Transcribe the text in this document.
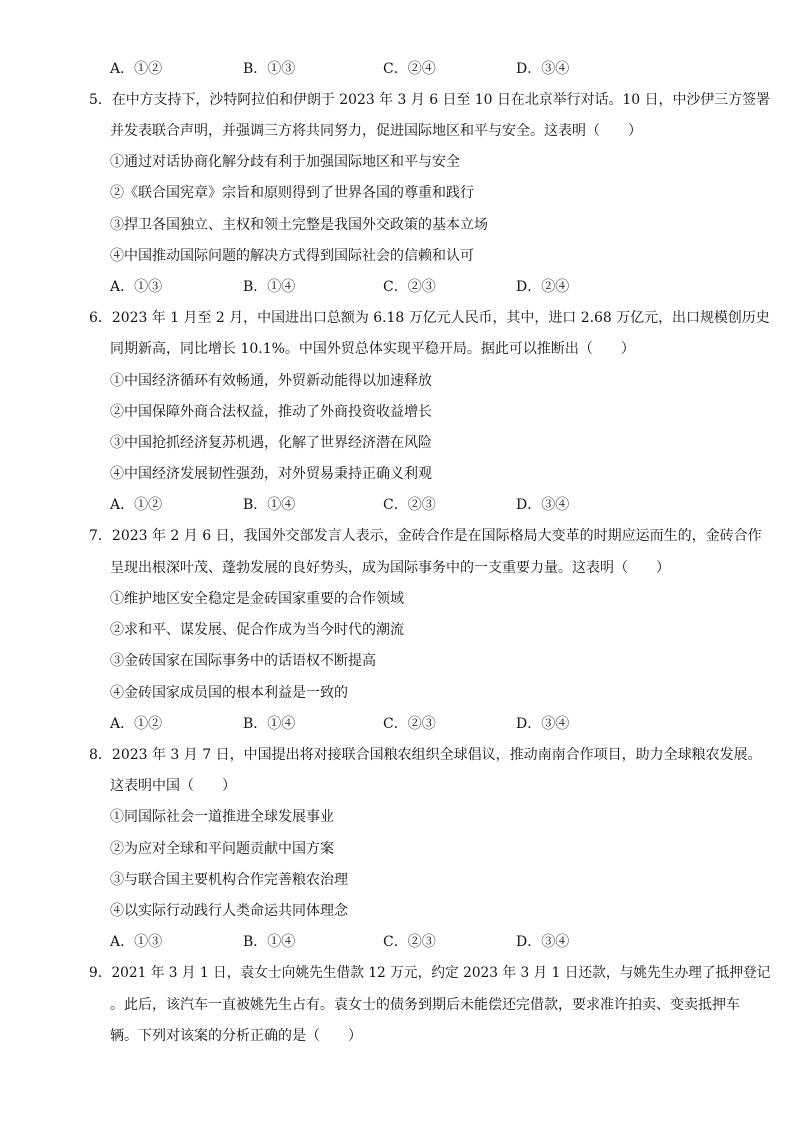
A．①②	B．①③	C．②④	D．③④
5．在中方支持下，沙特阿拉伯和伊朗于 2023 年 3 月 6 日至 10 日在北京举行对话。10 日，中沙伊三方签署
并发表联合声明，并强调三方将共同努力，促进国际地区和平与安全。这表明（　　）
①通过对话协商化解分歧有利于加强国际地区和平与安全
②《联合国宪章》宗旨和原则得到了世界各国的尊重和践行
③捍卫各国独立、主权和领土完整是我国外交政策的基本立场
④中国推动国际问题的解决方式得到国际社会的信赖和认可
A．①③	B．①④	C．②③	D．②④
6．2023 年 1 月至 2 月，中国进出口总额为 6.18 万亿元人民币，其中，进口 2.68 万亿元，出口规模创历史
同期新高，同比增长 10.1%。中国外贸总体实现平稳开局。据此可以推断出（　　）
①中国经济循环有效畅通，外贸新动能得以加速释放
②中国保障外商合法权益，推动了外商投资收益增长
③中国抢抓经济复苏机遇，化解了世界经济潜在风险
④中国经济发展韧性强劲，对外贸易秉持正确义利观
A．①②	B．①④	C．②③	D．③④
7．2023 年 2 月 6 日，我国外交部发言人表示，金砖合作是在国际格局大变革的时期应运而生的，金砖合作
呈现出根深叶茂、蓬勃发展的良好势头，成为国际事务中的一支重要力量。这表明（　　）
①维护地区安全稳定是金砖国家重要的合作领域
②求和平、谋发展、促合作成为当今时代的潮流
③金砖国家在国际事务中的话语权不断提高
④金砖国家成员国的根本利益是一致的
A．①②	B．①④	C．②③	D．③④
8．2023 年 3 月 7 日，中国提出将对接联合国粮农组织全球倡议，推动南南合作项目，助力全球粮农发展。
这表明中国（　　）
①同国际社会一道推进全球发展事业
②为应对全球和平问题贡献中国方案
③与联合国主要机构合作完善粮农治理
④以实际行动践行人类命运共同体理念
A．①③	B．①④	C．②③	D．③④
9．2021 年 3 月 1 日，袁女士向姚先生借款 12 万元，约定 2023 年 3 月 1 日还款，与姚先生办理了抵押登记
。此后，该汽车一直被姚先生占有。袁女士的债务到期后未能偿还完借款，要求准许拍卖、变卖抵押车
辆。下列对该案的分析正确的是（　　）
